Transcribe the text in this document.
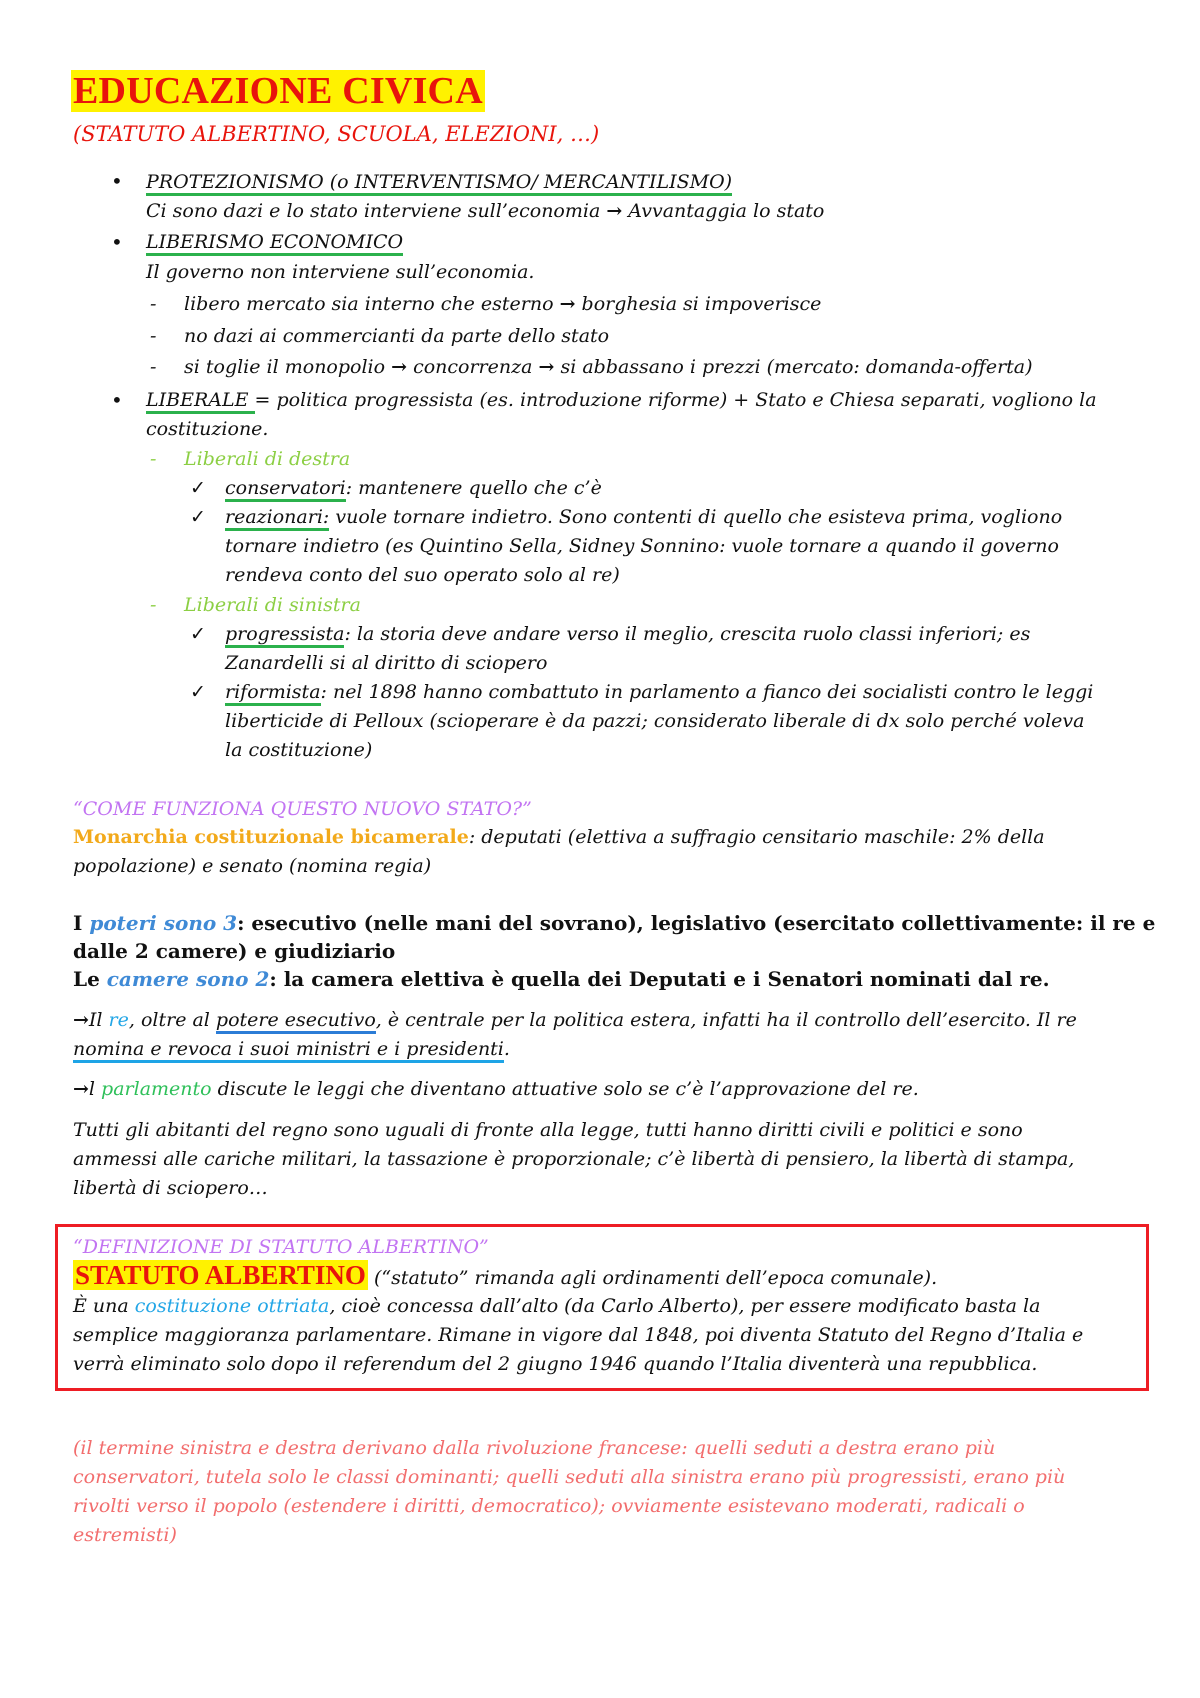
EDUCAZIONE CIVICA
(STATUTO ALBERTINO, SCUOLA, ELEZIONI, …)
• PROTEZIONISMO (o INTERVENTISMO/ MERCANTILISMO)
Ci sono dazi e lo stato interviene sull’economia → Avvantaggia lo stato
• LIBERISMO ECONOMICO
Il governo non interviene sull’economia.
- libero mercato sia interno che esterno → borghesia si impoverisce
- no dazi ai commercianti da parte dello stato
- si toglie il monopolio → concorrenza → si abbassano i prezzi (mercato: domanda-offerta)
• LIBERALE = politica progressista (es. introduzione riforme) + Stato e Chiesa separati, vogliono la
costituzione.
- Liberali di destra
✓ conservatori: mantenere quello che c’è
✓ reazionari: vuole tornare indietro. Sono contenti di quello che esisteva prima, vogliono
tornare indietro (es Quintino Sella, Sidney Sonnino: vuole tornare a quando il governo
rendeva conto del suo operato solo al re)
- Liberali di sinistra
✓ progressista: la storia deve andare verso il meglio, crescita ruolo classi inferiori; es
Zanardelli si al diritto di sciopero
✓ riformista: nel 1898 hanno combattuto in parlamento a fianco dei socialisti contro le leggi
liberticide di Pelloux (scioperare è da pazzi; considerato liberale di dx solo perché voleva
la costituzione)
“COME FUNZIONA QUESTO NUOVO STATO?”
Monarchia costituzionale bicamerale: deputati (elettiva a suffragio censitario maschile: 2% della
popolazione) e senato (nomina regia)
I poteri sono 3: esecutivo (nelle mani del sovrano), legislativo (esercitato collettivamente: il re e
dalle 2 camere) e giudiziario
Le camere sono 2: la camera elettiva è quella dei Deputati e i Senatori nominati dal re.
→Il re, oltre al potere esecutivo, è centrale per la politica estera, infatti ha il controllo dell’esercito. Il re
nomina e revoca i suoi ministri e i presidenti.
→l parlamento discute le leggi che diventano attuative solo se c’è l’approvazione del re.
Tutti gli abitanti del regno sono uguali di fronte alla legge, tutti hanno diritti civili e politici e sono
ammessi alle cariche militari, la tassazione è proporzionale; c’è libertà di pensiero, la libertà di stampa,
libertà di sciopero…
“DEFINIZIONE DI STATUTO ALBERTINO”
STATUTO ALBERTINO (“statuto” rimanda agli ordinamenti dell’epoca comunale).
È una costituzione ottriata, cioè concessa dall’alto (da Carlo Alberto), per essere modificato basta la
semplice maggioranza parlamentare. Rimane in vigore dal 1848, poi diventa Statuto del Regno d’Italia e
verrà eliminato solo dopo il referendum del 2 giugno 1946 quando l’Italia diventerà una repubblica.
(il termine sinistra e destra derivano dalla rivoluzione francese: quelli seduti a destra erano più
conservatori, tutela solo le classi dominanti; quelli seduti alla sinistra erano più progressisti, erano più
rivolti verso il popolo (estendere i diritti, democratico); ovviamente esistevano moderati, radicali o
estremisti)
